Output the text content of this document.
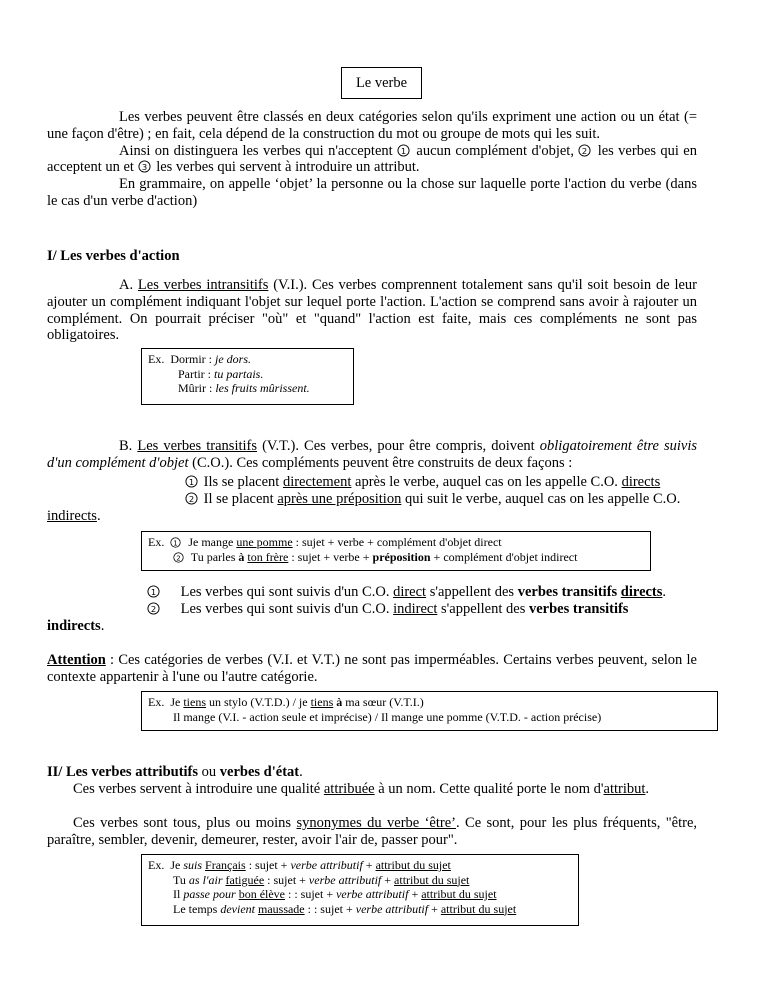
Le verbe

Les verbes peuvent être classés en deux catégories selon qu'ils expriment une action ou un état (= une façon d'être) ; en fait, cela dépend de la construction du mot ou groupe de mots qui les suit.

Ainsi on distinguera les verbes qui n'acceptent 1 aucun complément d'objet, 2 les verbes qui en acceptent un et 3 les verbes qui servent à introduire un attribut.

En grammaire, on appelle ‘objet’ la personne ou la chose sur laquelle porte l'action du verbe (dans le cas d'un verbe d'action)

I/ Les verbes d'action
A. Les verbes intransitifs (V.I.). Ces verbes comprennent totalement sans qu'il soit besoin de leur ajouter un complément indiquant l'objet sur lequel porte l'action. L'action se comprend sans avoir à rajouter un complément. On pourrait préciser "où" et "quand" l'action est faite, mais ces compléments ne sont pas obligatoires.
Ex. Dormir : je dors.
Partir : tu partais.
Mûrir : les fruits mûrissent.
B. Les verbes transitifs (V.T.). Ces verbes, pour être compris, doivent obligatoirement être suivis d'un complément d'objet (C.O.). Ces compléments peuvent être construits de deux façons :

1 Ils se placent directement après le verbe, auquel cas on les appelle C.O. directs

2 Il se placent après une préposition qui suit le verbe, auquel cas on les appelle C.O.

indirects.

Ex. 1 Je mange une pomme : sujet + verbe + complément d'objet direct
2 Tu parles à ton frère : sujet + verbe + préposition + complément d'objet indirect

1 Les verbes qui sont suivis d'un C.O. direct s'appellent des verbes transitifs directs.

2 Les verbes qui sont suivis d'un C.O. indirect s'appellent des verbes transitifs

indirects.

Attention : Ces catégories de verbes (V.I. et V.T.) ne sont pas imperméables. Certains verbes peuvent, selon le contexte appartenir à l'une ou l'autre catégorie.
Ex. Je tiens un stylo (V.T.D.) / je tiens à ma sœur (V.T.I.)
Il mange (V.I. - action seule et imprécise) / Il mange une pomme (V.T.D. - action précise)
II/ Les verbes attributifs ou verbes d'état.
Ces verbes servent à introduire une qualité attribuée à un nom. Cette qualité porte le nom d'attribut.
Ces verbes sont tous, plus ou moins synonymes du verbe ‘être’. Ce sont, pour les plus fréquents, "être, paraître, sembler, devenir, demeurer, rester, avoir l'air de, passer pour".
Ex. Je suis Français : sujet + verbe attributif + attribut du sujet
Tu as l'air fatiguée : sujet + verbe attributif + attribut du sujet
Il passe pour bon élève : : sujet + verbe attributif + attribut du sujet
Le temps devient maussade : : sujet + verbe attributif + attribut du sujet
